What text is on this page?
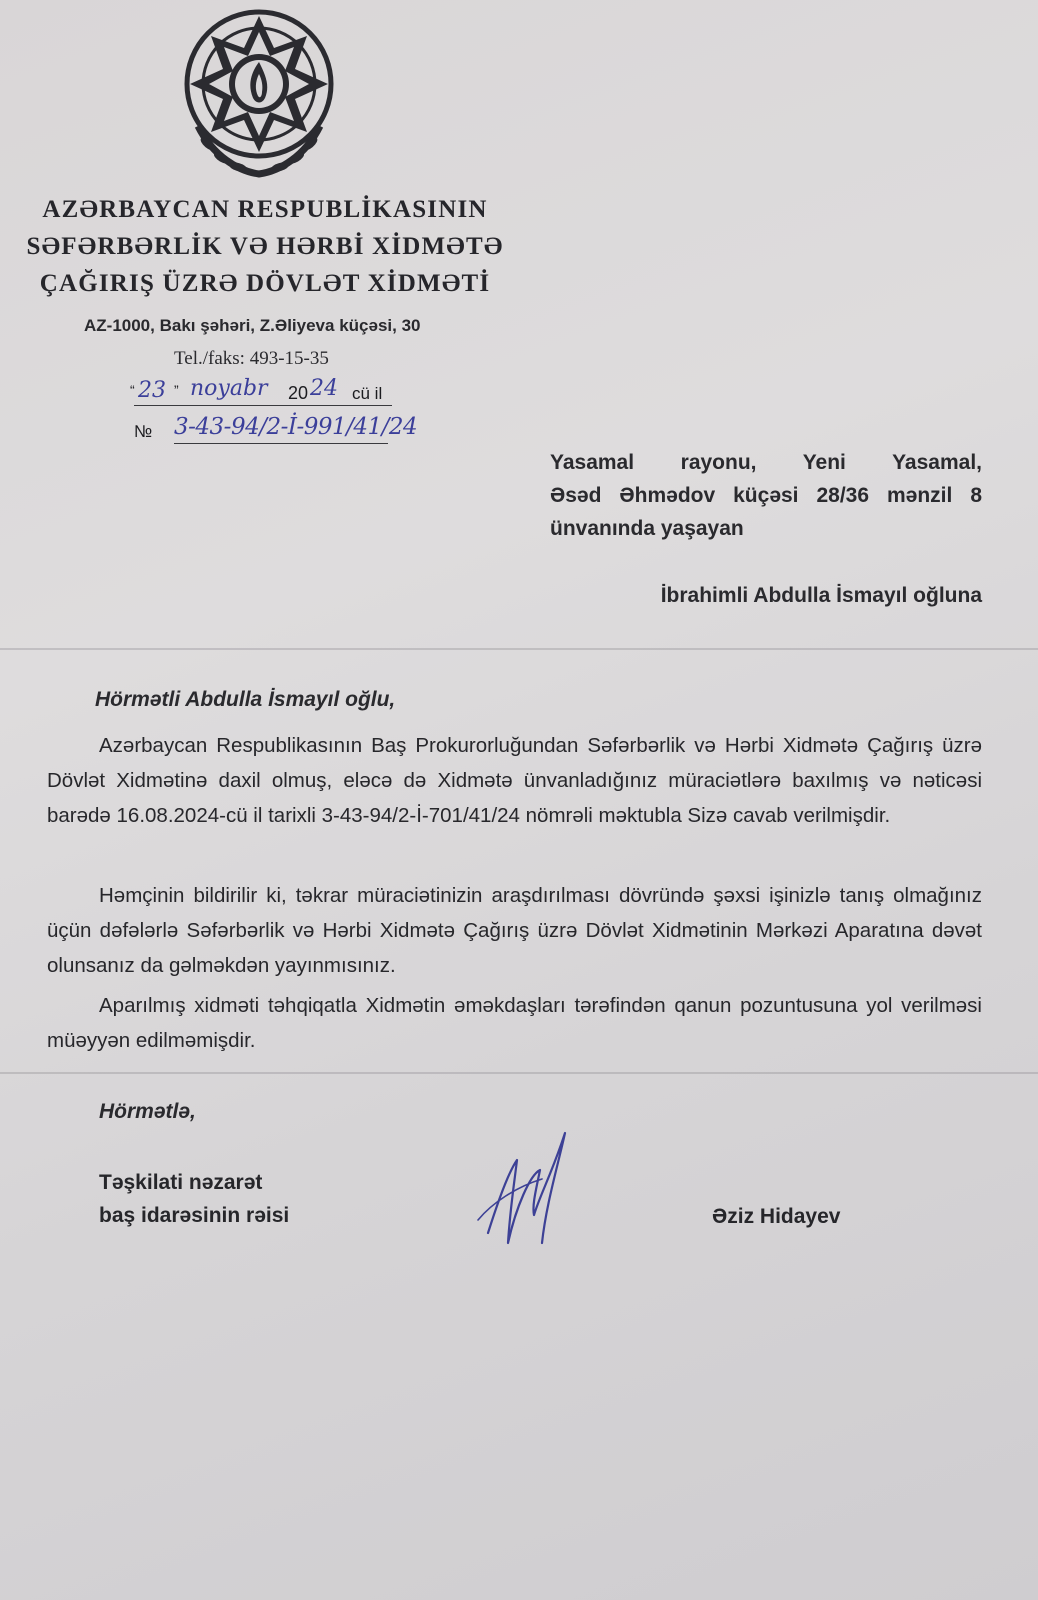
AZƏRBAYCAN RESPUBLİKASININ
SƏFƏRBƏRLİK VƏ HƏRBİ XİDMƏTƏ
ÇAĞIRIŞ ÜZRƏ DÖVLƏT XİDMƏTİ
AZ-1000, Bakı şəhəri, Z.Əliyeva küçəsi, 30
Tel./faks: 493-15-35
“ 23 ” noyabr 20 24 cü il
№ 3-43-94/2-İ-991/41/24
Yasamal rayonu, Yeni Yasamal,
Əsəd Əhmədov küçəsi 28/36 mənzil 8
ünvanında yaşayan
İbrahimli Abdulla İsmayıl oğluna
Hörmətli Abdulla İsmayıl oğlu,
Azərbaycan Respublikasının Baş Prokurorluğundan Səfərbərlik və Hərbi Xidmətə Çağırış üzrə Dövlət Xidmətinə daxil olmuş, eləcə də Xidmətə ünvanladığınız müraciətlərə baxılmış və nəticəsi barədə 16.08.2024-cü il tarixli 3-43-94/2-İ-701/41/24 nömrəli məktubla Sizə cavab verilmişdir.
Həmçinin bildirilir ki, təkrar müraciətinizin araşdırılması dövründə şəxsi işinizlə tanış olmağınız üçün dəfələrlə Səfərbərlik və Hərbi Xidmətə Çağırış üzrə Dövlət Xidmətinin Mərkəzi Aparatına dəvət olunsanız da gəlməkdən yayınmısınız.
Aparılmış xidməti təhqiqatla Xidmətin əməkdaşları tərəfindən qanun pozuntusuna yol verilməsi müəyyən edilməmişdir.
Hörmətlə,
Təşkilati nəzarət
baş idarəsinin rəisi	Əziz Hidayev
